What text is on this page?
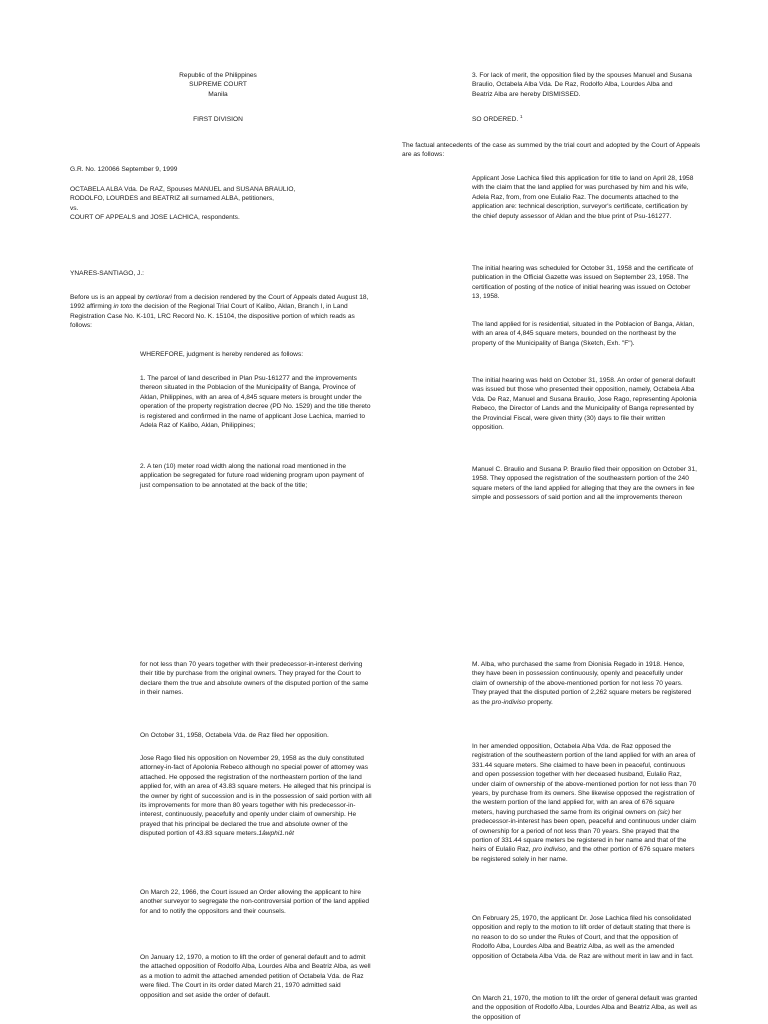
Republic of the Philippines
SUPREME COURT
Manila
FIRST DIVISION
G.R. No. 120066 September 9, 1999
OCTABELA ALBA Vda. De RAZ, Spouses MANUEL and SUSANA BRAULIO,
RODOLFO, LOURDES and BEATRIZ all surnamed ALBA, petitioners,
vs.
COURT OF APPEALS and JOSE LACHICA, respondents.
YNARES-SANTIAGO, J.:

Before us is an appeal by certiorari from a decision rendered by the Court of Appeals dated August 18, 1992 affirming in toto the decision of the Regional Trial Court of Kalibo, Aklan, Branch I, in Land Registration Case No. K-101, LRC Record No. K. 15104, the dispositive portion of which reads as follows:

WHEREFORE, judgment is hereby rendered as follows:

1. The parcel of land described in Plan Psu-161277 and the improvements thereon situated in the Poblacion of the Municipality of Banga, Province of Aklan, Philippines, with an area of 4,845 square meters is brought under the operation of the property registration decree (PD No. 1529) and the title thereto is registered and confirmed in the name of applicant Jose Lachica, married to Adela Raz of Kalibo, Aklan, Philippines;

2. A ten (10) meter road width along the national road mentioned in the application be segregated for future road widening program upon payment of just compensation to be annotated at the back of the title;

3. For lack of merit, the opposition filed by the spouses Manuel and Susana Braulio, Octabela Alba Vda. De Raz, Rodolfo Alba, Lourdes Alba and Beatriz Alba are hereby DISMISSED.

SO ORDERED. $^1$

The factual antecedents of the case as summed by the trial court and adopted by the Court of Appeals are as follows:

Applicant Jose Lachica filed this application for title to land on April 28, 1958 with the claim that the land applied for was purchased by him and his wife, Adela Raz, from, from one Eulalio Raz. The documents attached to the application are: technical description, surveyor's certificate, certification by the chief deputy assessor of Aklan and the blue print of Psu-161277.

The initial hearing was scheduled for October 31, 1958 and the certificate of publication in the Official Gazette was issued on September 23, 1958. The certification of posting of the notice of initial hearing was issued on October 13, 1958.

The land applied for is residential, situated in the Poblacion of Banga, Aklan, with an area of 4,845 square meters, bounded on the northeast by the property of the Municipality of Banga (Sketch, Exh. "F").

The initial hearing was held on October 31, 1958. An order of general default was issued but those who presented their opposition, namely, Octabela Alba Vda. De Raz, Manuel and Susana Braulio, Jose Rago, representing Apolonia Rebeco, the Director of Lands and the Municipality of Banga represented by the Provincial Fiscal, were given thirty (30) days to file their written opposition.

Manuel C. Braulio and Susana P. Braulio filed their opposition on October 31, 1958. They opposed the registration of the southeastern portion of the 240 square meters of the land applied for alleging that they are the owners in fee simple and possessors of said portion and all the improvements thereon

for not less than 70 years together with their predecessor-in-interest deriving their title by purchase from the original owners. They prayed for the Court to declare them the true and absolute owners of the disputed portion of the same in their names.

On October 31, 1958, Octabela Vda. de Raz filed her opposition.

Jose Rago filed his opposition on November 29, 1958 as the duly constituted attorney-in-fact of Apolonia Rebeco although no special power of attorney was attached. He opposed the registration of the northeastern portion of the land applied for, with an area of 43.83 square meters. He alleged that his principal is the owner by right of succession and is in the possession of said portion with all its improvements for more than 80 years together with his predecessor-in-interest, continuously, peacefully and openly under claim of ownership. He prayed that his principal be declared the true and absolute owner of the disputed portion of 43.83 square meters.1âwphi1.nêt

On March 22, 1966, the Court issued an Order allowing the applicant to hire another surveyor to segregate the non-controversial portion of the land applied for and to notify the oppositors and their counsels.

On January 12, 1970, a motion to lift the order of general default and to admit the attached opposition of Rodolfo Alba, Lourdes Alba and Beatriz Alba, as well as a motion to admit the attached amended petition of Octabela Vda. de Raz were filed. The Court in its order dated March 21, 1970 admitted said opposition and set aside the order of default.

M. Alba, who purchased the same from Dionisia Regado in 1918. Hence, they have been in possession continuously, openly and peacefully under claim of ownership of the above-mentioned portion for not less 70 years. They prayed that the disputed portion of 2,262 square meters be registered as the pro-indiviso property.

In her amended opposition, Octabela Alba Vda. de Raz opposed the registration of the southeastern portion of the land applied for with an area of 331.44 square meters. She claimed to have been in peaceful, continuous and open possession together with her deceased husband, Eulalio Raz, under claim of ownership of the above-mentioned portion for not less than 70 years, by purchase from its owners. She likewise opposed the registration of the western portion of the land applied for, with an area of 676 square meters, having purchased the same from its original owners on (sic) her predecessor-in-interest has been open, peaceful and continuous under claim of ownership for a period of not less than 70 years. She prayed that the portion of 331.44 square meters be registered in her name and that of the heirs of Eulalio Raz, pro indiviso, and the other portion of 676 square meters be registered solely in her name.

On February 25, 1970, the applicant Dr. Jose Lachica filed his consolidated opposition and reply to the motion to lift order of default stating that there is no reason to do so under the Rules of Court, and that the opposition of Rodolfo Alba, Lourdes Alba and Beatriz Alba, as well as the amended opposition of Octabela Alba Vda. de Raz are without merit in law and in fact.

On March 21, 1970, the motion to lift the order of general default was granted and the opposition of Rodolfo Alba, Lourdes Alba and Beatriz Alba, as well as the opposition of
